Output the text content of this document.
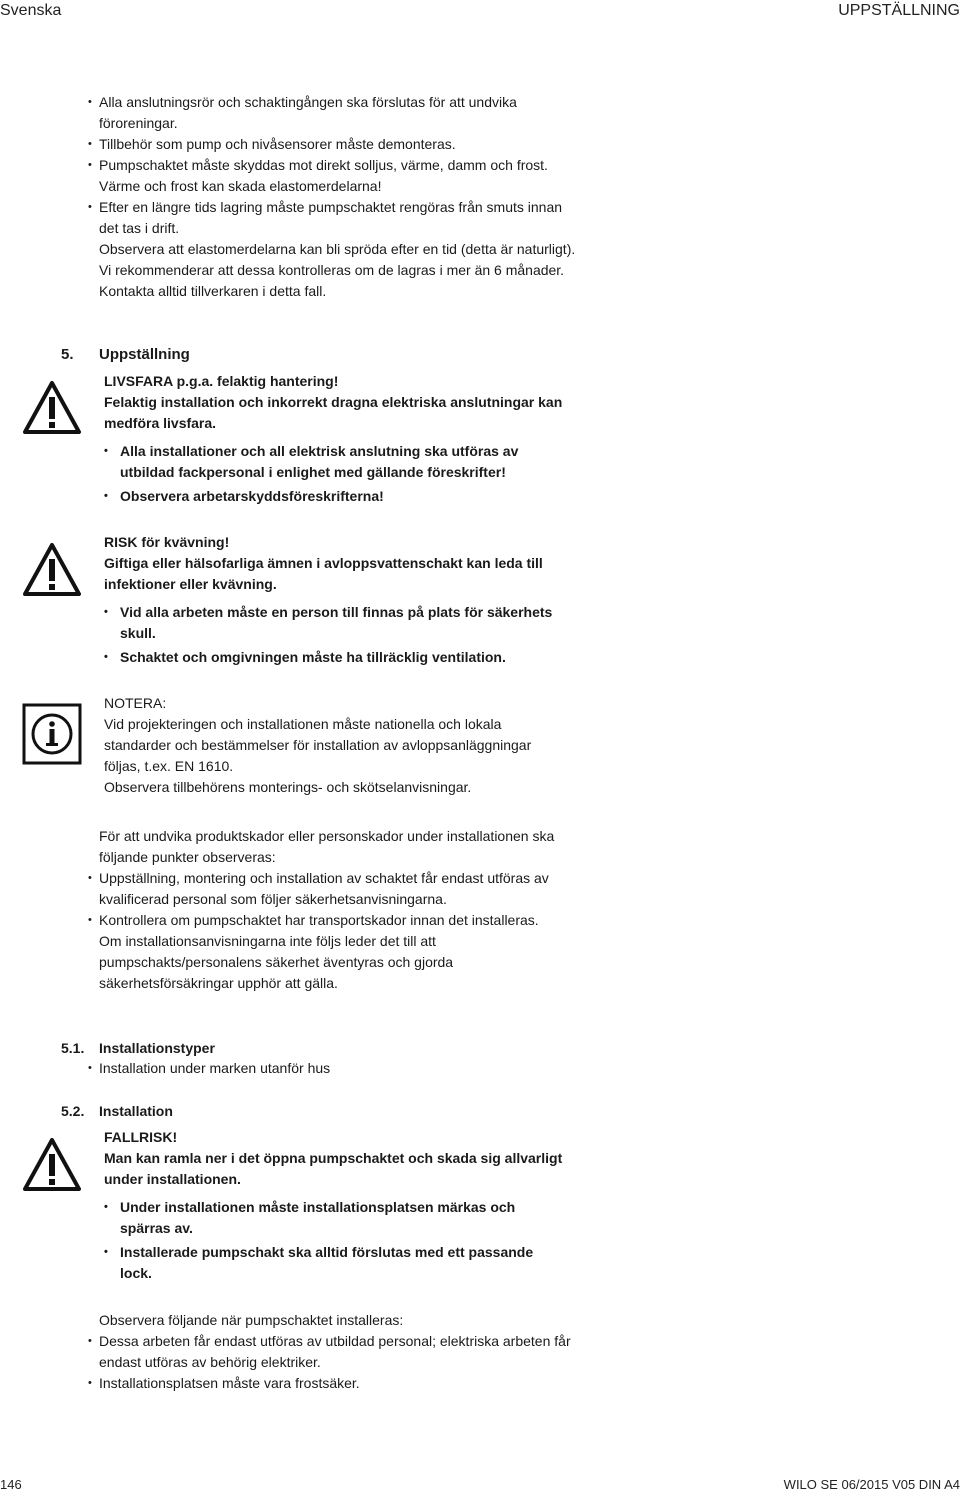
Svenska	UPPSTÄLLNING

• Alla anslutningsrör och schaktingången ska förslutas för att undvika föroreningar.

• Tillbehör som pump och nivåsensorer måste demonteras.

• Pumpschaktet måste skyddas mot direkt solljus, värme, damm och frost. Värme och frost kan skada elastomerdelarna!

• Efter en längre tids lagring måste pumpschaktet rengöras från smuts innan det tas i drift.

Observera att elastomerdelarna kan bli spröda efter en tid (detta är naturligt). Vi rekommenderar att dessa kontrolleras om de lagras i mer än 6 månader. Kontakta alltid tillverkaren i detta fall.

5. Uppställning

LIVSFARA p.g.a. felaktig hantering!

Felaktig installation och inkorrekt dragna elektriska anslutningar kan medföra livsfara.

• Alla installationer och all elektrisk anslutning ska utföras av utbildad fackpersonal i enlighet med gällande föreskrifter!

• Observera arbetarskyddsföreskrifterna!

RISK för kvävning!

Giftiga eller hälsofarliga ämnen i avloppsvattenschakt kan leda till infektioner eller kvävning.

• Vid alla arbeten måste en person till finnas på plats för säkerhets skull.

• Schaktet och omgivningen måste ha tillräcklig ventilation.

NOTERA:

Vid projekteringen och installationen måste nationella och lokala standarder och bestämmelser för installation av avloppsanläggningar följas, t.ex. EN 1610.

Observera tillbehörens monterings- och skötselanvisningar.

För att undvika produktskador eller personskador under installationen ska följande punkter observeras:

• Uppställning, montering och installation av schaktet får endast utföras av kvalificerad personal som följer säkerhetsanvisningarna.

• Kontrollera om pumpschaktet har transportskador innan det installeras.

Om installationsanvisningarna inte följs leder det till att pumpschakts/personalens säkerhet äventyras och gjorda säkerhetsförsäkringar upphör att gälla.

5.1. Installationstyper

• Installation under marken utanför hus

5.2. Installation

FALLRISK!

Man kan ramla ner i det öppna pumpschaktet och skada sig allvarligt under installationen.

• Under installationen måste installationsplatsen märkas och spärras av.

• Installerade pumpschakt ska alltid förslutas med ett passande lock.

Observera följande när pumpschaktet installeras:

• Dessa arbeten får endast utföras av utbildad personal; elektriska arbeten får endast utföras av behörig elektriker.

• Installationsplatsen måste vara frostsäker.

146	WILO SE 06/2015 V05 DIN A4
